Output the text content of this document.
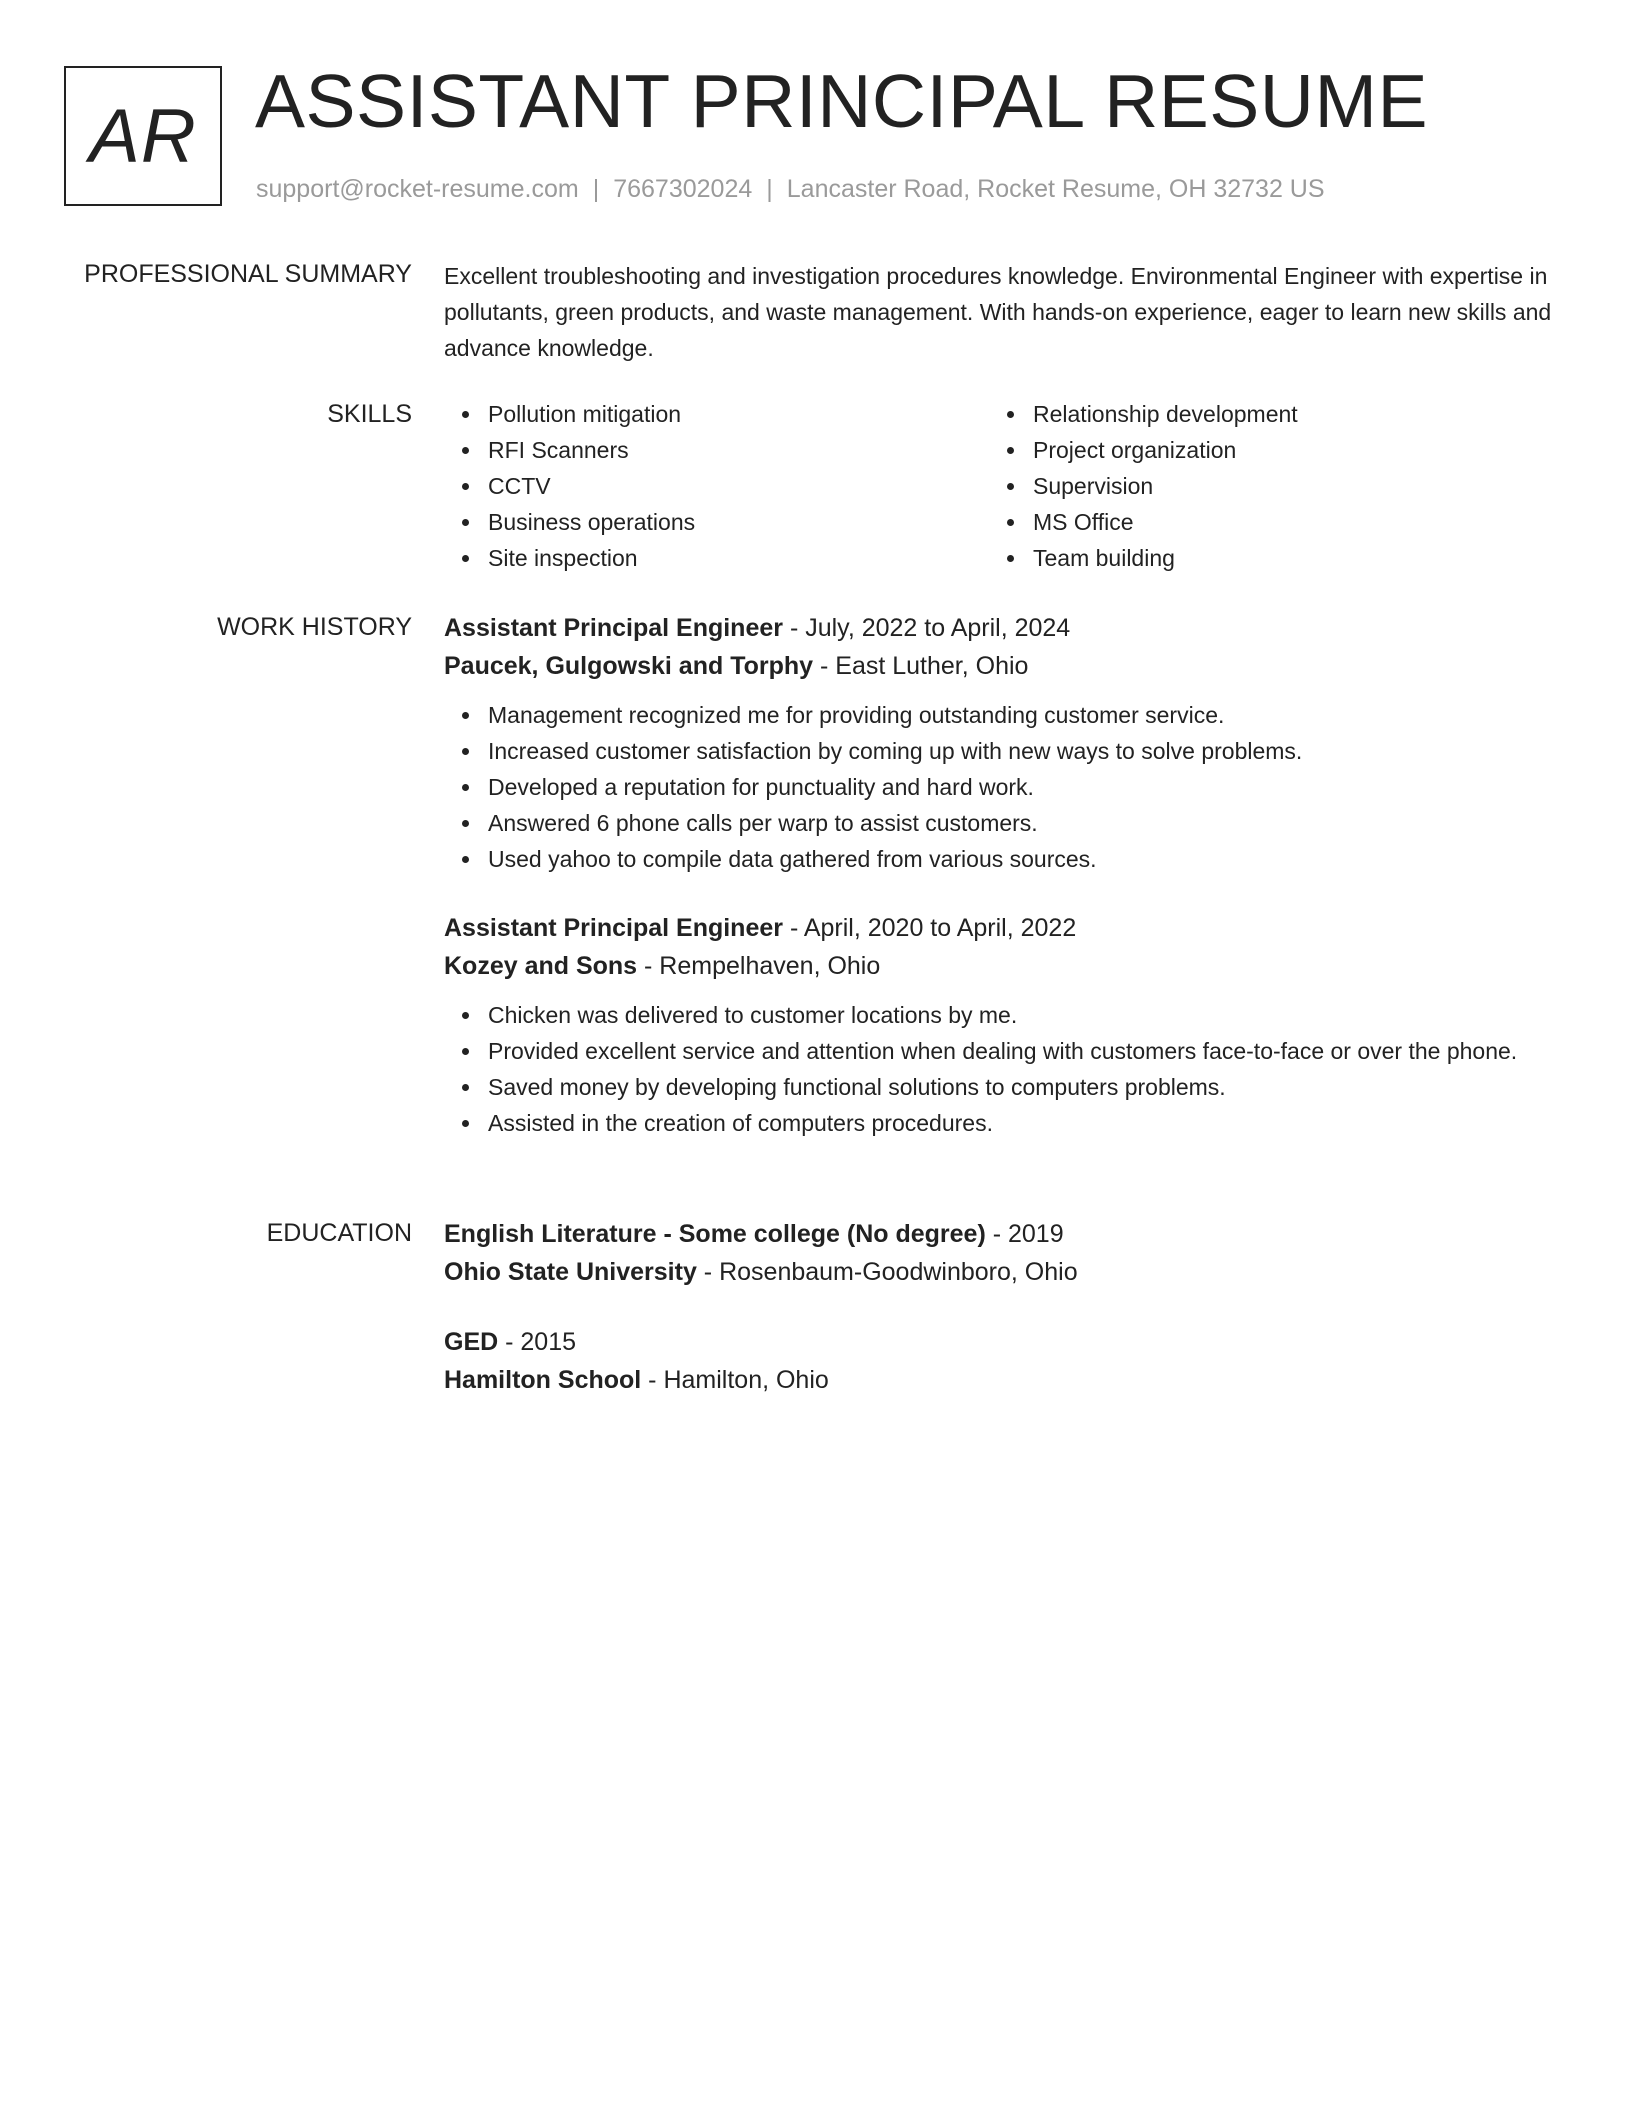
AR ASSISTANT PRINCIPAL RESUME
support@rocket-resume.com | 7667302024 | Lancaster Road, Rocket Resume, OH 32732 US
PROFESSIONAL SUMMARY Excellent troubleshooting and investigation procedures knowledge. Environmental Engineer with expertise in pollutants, green products, and waste management. With hands-on experience, eager to learn new skills and advance knowledge.

SKILLS	Pollution mitigation
RFI Scanners
CCTV
Business operations
Site inspection
Relationship development
Project organization
Supervision
MS Office
Team building
WORK HISTORY Assistant Principal Engineer - July, 2022 to April, 2024
Paucek, Gulgowski and Torphy - East Luther, Ohio
Management recognized me for providing outstanding customer service.
Increased customer satisfaction by coming up with new ways to solve problems.
Developed a reputation for punctuality and hard work.
Answered 6 phone calls per warp to assist customers.
Used yahoo to compile data gathered from various sources.
Assistant Principal Engineer - April, 2020 to April, 2022
Kozey and Sons - Rempelhaven, Ohio
Chicken was delivered to customer locations by me.
Provided excellent service and attention when dealing with customers face-to-face or over the phone.
Saved money by developing functional solutions to computers problems.
Assisted in the creation of computers procedures.
EDUCATION English Literature - Some college (No degree) - 2019
Ohio State University - Rosenbaum-Goodwinboro, Ohio
GED - 2015
Hamilton School - Hamilton, Ohio
